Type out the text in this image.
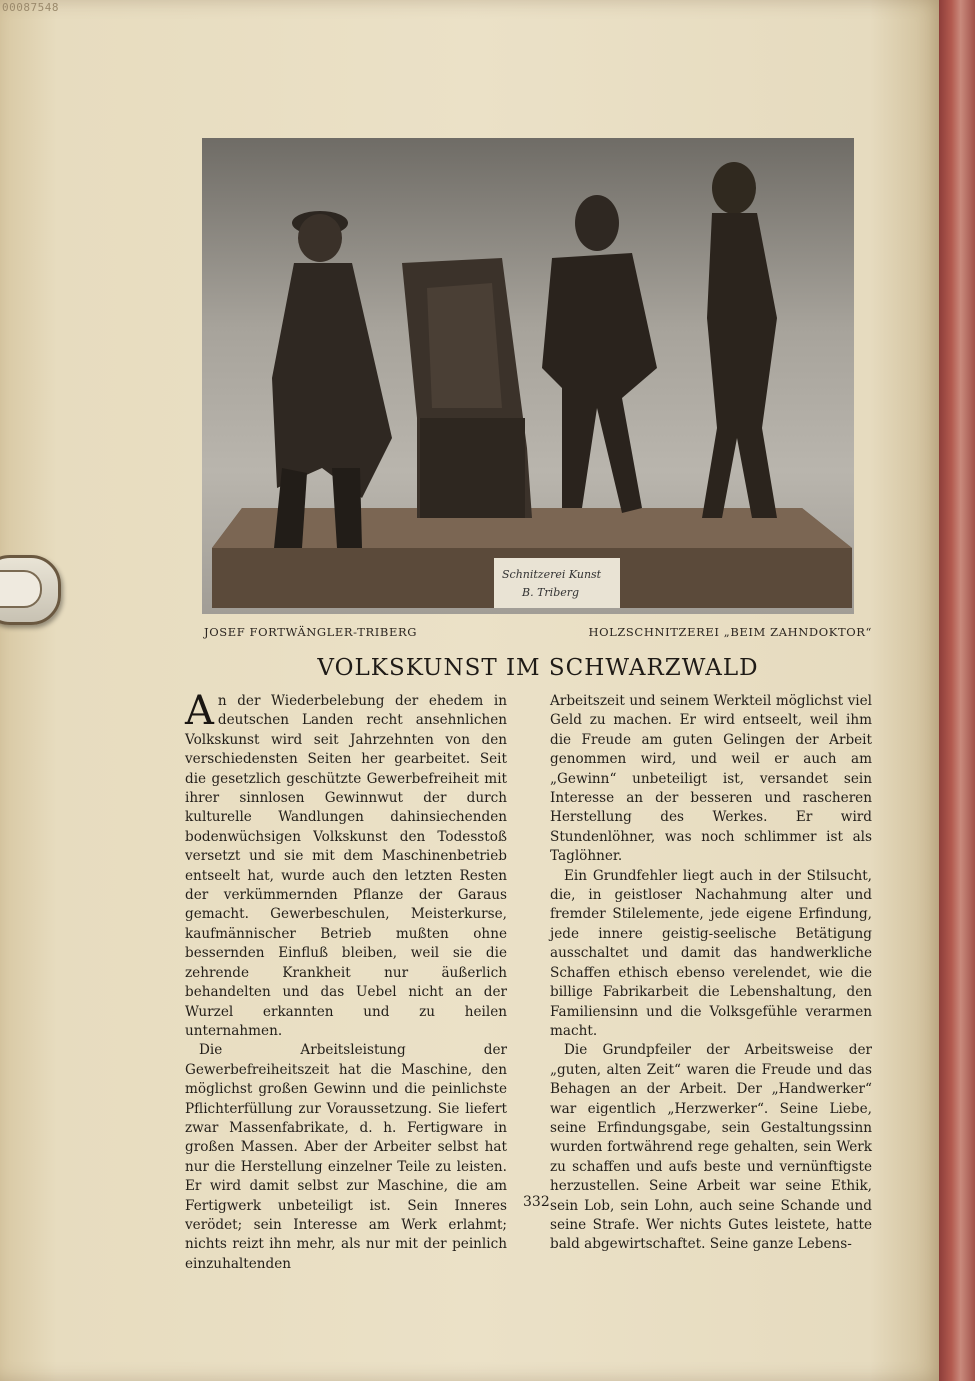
00087548
Schnitzerei Kunst
B. Triberg
JOSEF FORTWÄNGLER-TRIBERG	HOLZSCHNITZEREI „BEIM ZAHNDOKTOR“
VOLKSKUNST IM SCHWARZWALD

An der Wiederbelebung der ehedem in deutschen Landen recht ansehnlichen Volkskunst wird seit Jahrzehnten von den verschiedensten Seiten her gearbeitet. Seit die gesetzlich geschützte Gewerbefreiheit mit ihrer sinnlosen Gewinnwut der durch kulturelle Wandlungen dahinsiechenden bodenwüchsigen Volkskunst den Todesstoß versetzt und sie mit dem Maschinenbetrieb entseelt hat, wurde auch den letzten Resten der verkümmernden Pflanze der Garaus gemacht. Gewerbeschulen, Meisterkurse, kaufmännischer Betrieb mußten ohne bessernden Einfluß bleiben, weil sie die zehrende Krankheit nur äußerlich behandelten und das Uebel nicht an der Wurzel erkannten und zu heilen unternahmen.

Die Arbeitsleistung der Gewerbefreiheitszeit hat die Maschine, den möglichst großen Gewinn und die peinlichste Pflichterfüllung zur Voraussetzung. Sie liefert zwar Massenfabrikate, d. h. Fertigware in großen Massen. Aber der Arbeiter selbst hat nur die Herstellung einzelner Teile zu leisten. Er wird damit selbst zur Maschine, die am Fertigwerk unbeteiligt ist. Sein Inneres verödet; sein Interesse am Werk erlahmt; nichts reizt ihn mehr, als nur mit der peinlich einzuhaltenden

Arbeitszeit und seinem Werkteil möglichst viel Geld zu machen. Er wird entseelt, weil ihm die Freude am guten Gelingen der Arbeit genommen wird, und weil er auch am „Gewinn“ unbeteiligt ist, versandet sein Interesse an der besseren und rascheren Herstellung des Werkes. Er wird Stundenlöhner, was noch schlimmer ist als Taglöhner.

Ein Grundfehler liegt auch in der Stilsucht, die, in geistloser Nachahmung alter und fremder Stilelemente, jede eigene Erfindung, jede innere geistig-seelische Betätigung ausschaltet und damit das handwerkliche Schaffen ethisch ebenso verelendet, wie die billige Fabrikarbeit die Lebenshaltung, den Familiensinn und die Volksgefühle verarmen macht.

Die Grundpfeiler der Arbeitsweise der „guten, alten Zeit“ waren die Freude und das Behagen an der Arbeit. Der „Handwerker“ war eigentlich „Herzwerker“. Seine Liebe, seine Erfindungsgabe, sein Gestaltungssinn wurden fortwährend rege gehalten, sein Werk zu schaffen und aufs beste und vernünftigste herzustellen. Seine Arbeit war seine Ethik, sein Lob, sein Lohn, auch seine Schande und seine Strafe. Wer nichts Gutes leistete, hatte bald abgewirtschaftet. Seine ganze Lebens-

332
